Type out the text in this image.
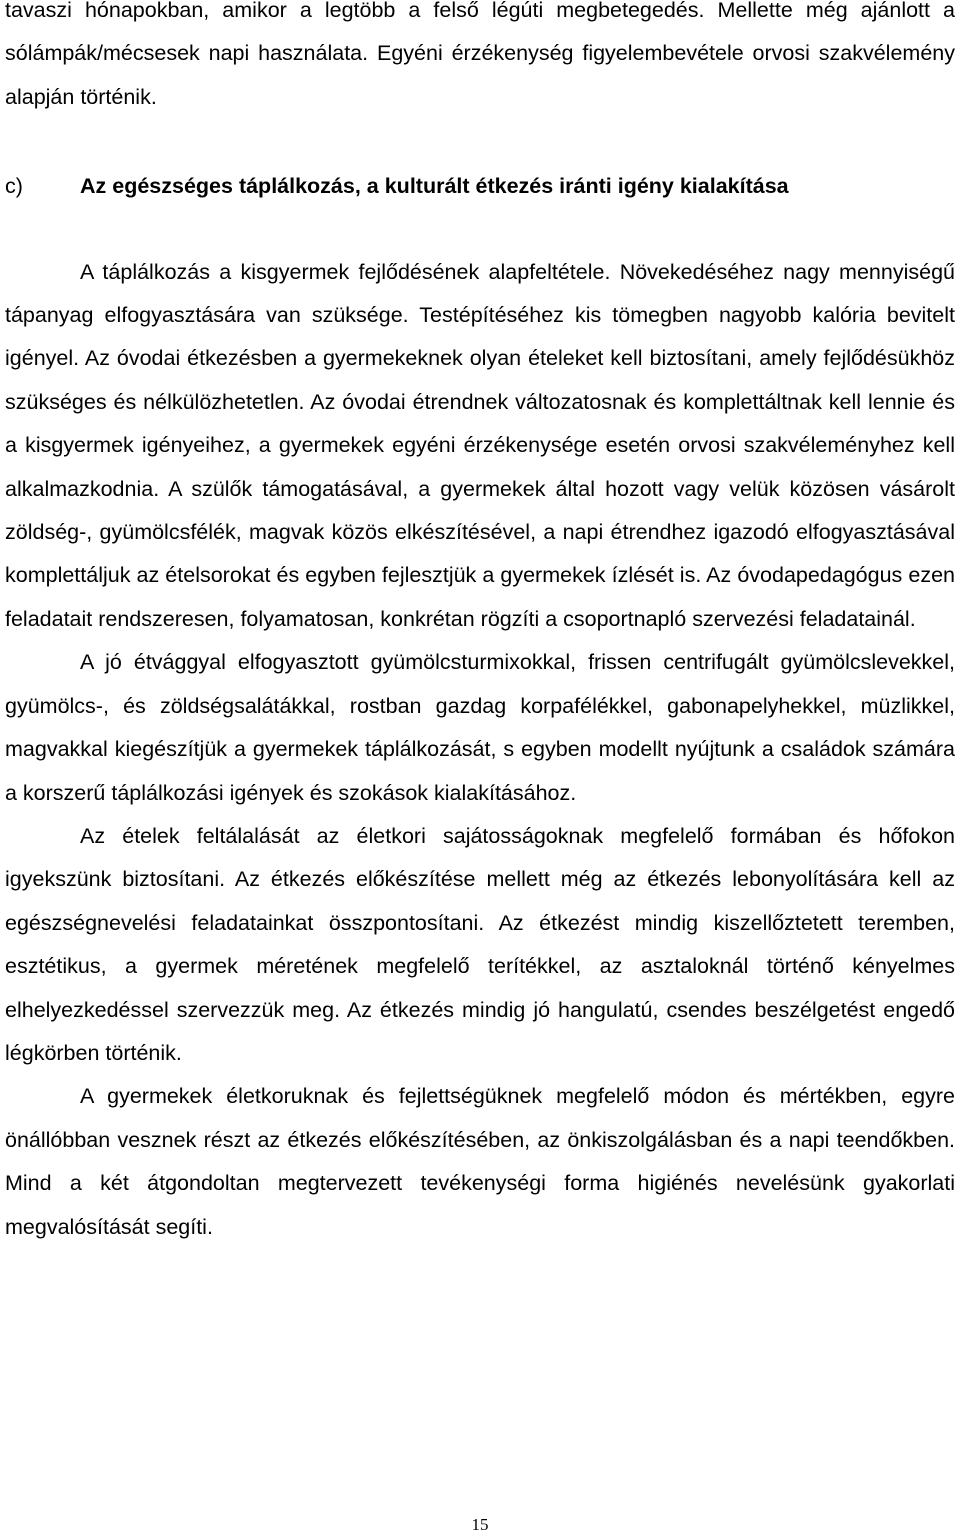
tavaszi hónapokban, amikor a legtöbb a felső légúti megbetegedés. Mellette még ajánlott a sólámpák/mécsesek napi használata. Egyéni érzékenység figyelembevétele orvosi szakvélemény alapján történik.

c)	Az egészséges táplálkozás, a kulturált étkezés iránti igény kialakítása

A táplálkozás a kisgyermek fejlődésének alapfeltétele. Növekedéséhez nagy mennyiségű tápanyag elfogyasztására van szüksége. Testépítéséhez kis tömegben nagyobb kalória bevitelt igényel. Az óvodai étkezésben a gyermekeknek olyan ételeket kell biztosítani, amely fejlődésükhöz szükséges és nélkülözhetetlen. Az óvodai étrendnek változatosnak és komplettáltnak kell lennie és a kisgyermek igényeihez, a gyermekek egyéni érzékenysége esetén orvosi szakvéleményhez kell alkalmazkodnia. A szülők támogatásával, a gyermekek által hozott vagy velük közösen vásárolt zöldség-, gyümölcsfélék, magvak közös elkészítésével, a napi étrendhez igazodó elfogyasztásával komplettáljuk az ételsorokat és egyben fejlesztjük a gyermekek ízlését is. Az óvodapedagógus ezen feladatait rendszeresen, folyamatosan, konkrétan rögzíti a csoportnapló szervezési feladatainál.

A jó étvággyal elfogyasztott gyümölcsturmixokkal, frissen centrifugált gyümölcslevekkel, gyümölcs-, és zöldségsalátákkal, rostban gazdag korpafélékkel, gabonapelyhekkel, müzlikkel, magvakkal kiegészítjük a gyermekek táplálkozását, s egyben modellt nyújtunk a családok számára a korszerű táplálkozási igények és szokások kialakításához.

Az ételek feltálalását az életkori sajátosságoknak megfelelő formában és hőfokon igyekszünk biztosítani. Az étkezés előkészítése mellett még az étkezés lebonyolítására kell az egészségnevelési feladatainkat összpontosítani. Az étkezést mindig kiszellőztetett teremben, esztétikus, a gyermek méretének megfelelő terítékkel, az asztaloknál történő kényelmes elhelyezkedéssel szervezzük meg. Az étkezés mindig jó hangulatú, csendes beszélgetést engedő légkörben történik.

A gyermekek életkoruknak és fejlettségüknek megfelelő módon és mértékben, egyre önállóbban vesznek részt az étkezés előkészítésében, az önkiszolgálásban és a napi teendőkben. Mind a két átgondoltan megtervezett tevékenységi forma higiénés nevelésünk gyakorlati megvalósítását segíti.

15
